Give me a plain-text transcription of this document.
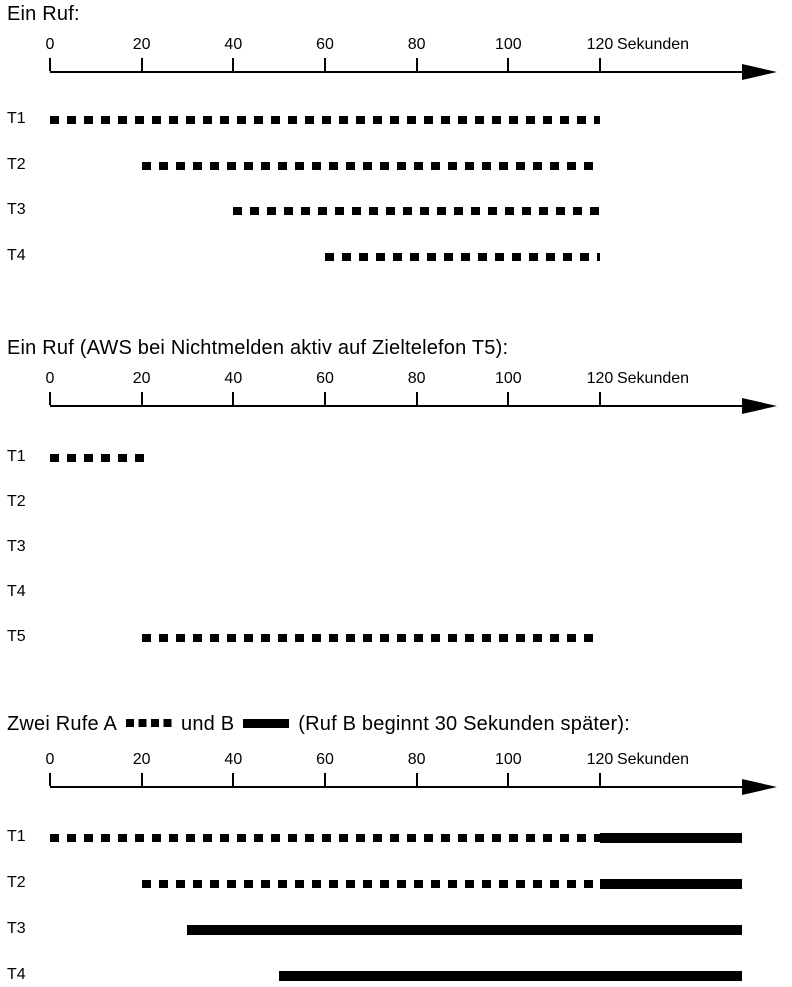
Ein Ruf:
0	20	40	60	80	100	120 Sekunden
T1
T2
T3
T4
Ein Ruf (AWS bei Nichtmelden aktiv auf Zieltelefon T5):
0	20	40	60	80	100	120 Sekunden
T1
T2
T3
T4
T5
Zwei Rufe A	und B	(Ruf B beginnt 30 Sekunden später):
0	20	40	60	80	100	120 Sekunden
T1
T2
T3
T4
